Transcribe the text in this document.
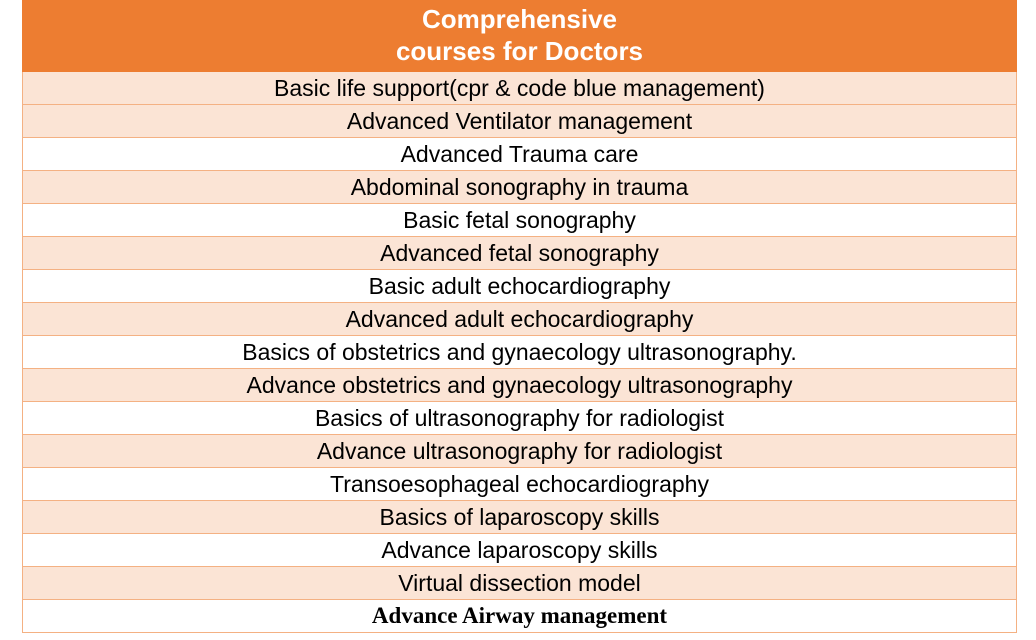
Comprehensive
courses for Doctors
Basic life support(cpr & code blue management)
Advanced Ventilator management
Advanced Trauma care
Abdominal sonography in trauma
Basic fetal sonography
Advanced fetal sonography
Basic adult echocardiography
Advanced adult echocardiography
Basics of obstetrics and gynaecology ultrasonography.
Advance obstetrics and gynaecology ultrasonography
Basics of ultrasonography for radiologist
Advance ultrasonography for radiologist
Transoesophageal echocardiography
Basics of laparoscopy skills
Advance laparoscopy skills
Virtual dissection model
Advance Airway management
